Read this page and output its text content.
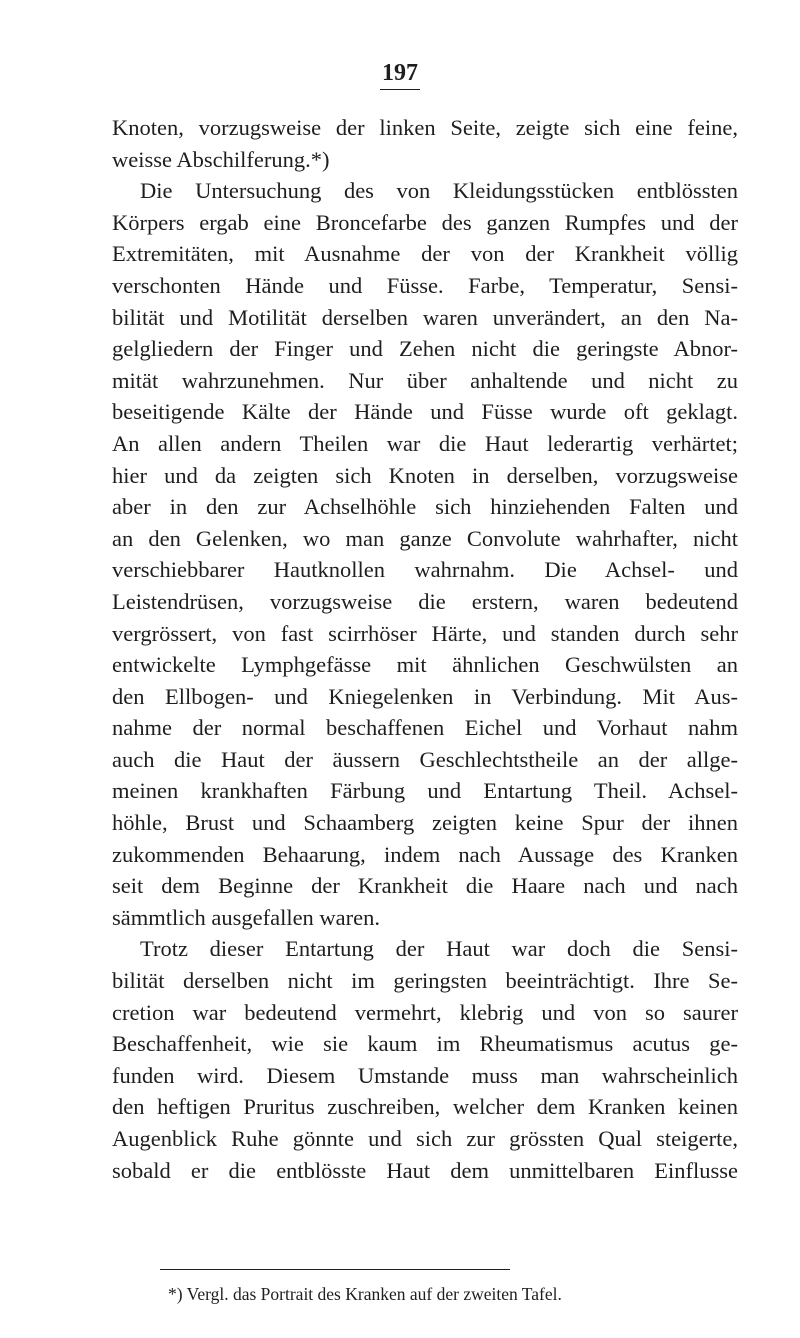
197
Knoten, vorzugsweise der linken Seite, zeigte sich eine feine,
weisse Abschilferung.*)
Die Untersuchung des von Kleidungsstücken entblössten
Körpers ergab eine Broncefarbe des ganzen Rumpfes und der
Extremitäten, mit Ausnahme der von der Krankheit völlig
verschonten Hände und Füsse. Farbe, Temperatur, Sensi-
bilität und Motilität derselben waren unverändert, an den Na-
gelgliedern der Finger und Zehen nicht die geringste Abnor-
mität wahrzunehmen. Nur über anhaltende und nicht zu
beseitigende Kälte der Hände und Füsse wurde oft geklagt.
An allen andern Theilen war die Haut lederartig verhärtet;
hier und da zeigten sich Knoten in derselben, vorzugsweise
aber in den zur Achselhöhle sich hinziehenden Falten und
an den Gelenken, wo man ganze Convolute wahrhafter, nicht
verschiebbarer Hautknollen wahrnahm. Die Achsel- und
Leistendrüsen, vorzugsweise die erstern, waren bedeutend
vergrössert, von fast scirrhöser Härte, und standen durch sehr
entwickelte Lymphgefässe mit ähnlichen Geschwülsten an
den Ellbogen- und Kniegelenken in Verbindung. Mit Aus-
nahme der normal beschaffenen Eichel und Vorhaut nahm
auch die Haut der äussern Geschlechtstheile an der allge-
meinen krankhaften Färbung und Entartung Theil. Achsel-
höhle, Brust und Schaamberg zeigten keine Spur der ihnen
zukommenden Behaarung, indem nach Aussage des Kranken
seit dem Beginne der Krankheit die Haare nach und nach
sämmtlich ausgefallen waren.
Trotz dieser Entartung der Haut war doch die Sensi-
bilität derselben nicht im geringsten beeinträchtigt. Ihre Se-
cretion war bedeutend vermehrt, klebrig und von so saurer
Beschaffenheit, wie sie kaum im Rheumatismus acutus ge-
funden wird. Diesem Umstande muss man wahrscheinlich
den heftigen Pruritus zuschreiben, welcher dem Kranken keinen
Augenblick Ruhe gönnte und sich zur grössten Qual steigerte,
sobald er die entblösste Haut dem unmittelbaren Einflusse
*) Vergl. das Portrait des Kranken auf der zweiten Tafel.
